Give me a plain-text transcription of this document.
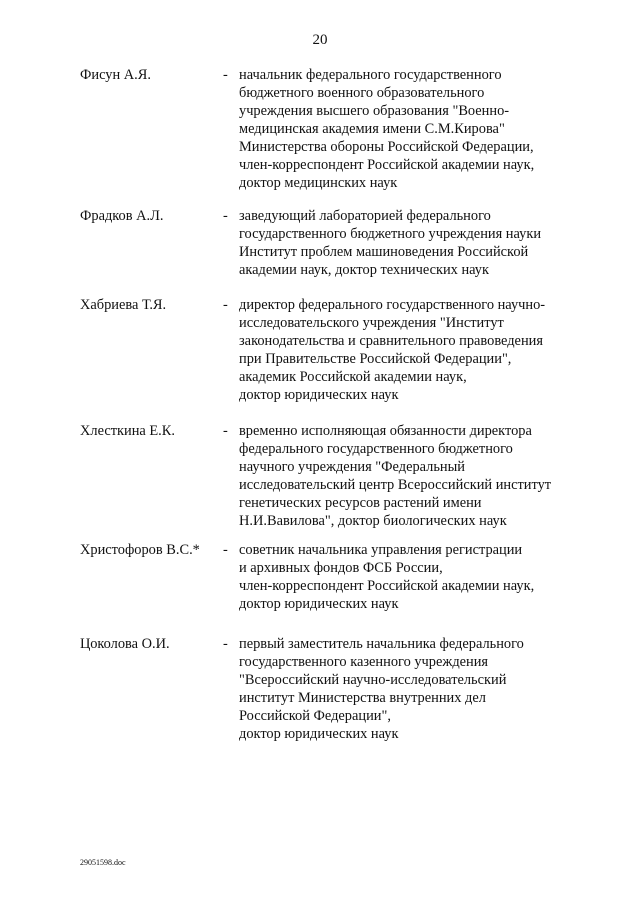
20
Фисун А.Я.	- начальник федерального государственного
бюджетного военного образовательного
учреждения высшего образования "Военно-
медицинская академия имени С.М.Кирова"
Министерства обороны Российской Федерации,
член-корреспондент Российской академии наук,
доктор медицинских наук
Фрадков А.Л.	- заведующий лабораторией федерального
государственного бюджетного учреждения науки
Институт проблем машиноведения Российской
академии наук, доктор технических наук
Хабриева Т.Я.	- директор федерального государственного научно-
исследовательского учреждения "Институт
законодательства и сравнительного правоведения
при Правительстве Российской Федерации",
академик Российской академии наук,
доктор юридических наук
Хлесткина Е.К.	- временно исполняющая обязанности директора
федерального государственного бюджетного
научного учреждения "Федеральный
исследовательский центр Всероссийский институт
генетических ресурсов растений имени
Н.И.Вавилова", доктор биологических наук
Христофоров В.С.* - советник начальника управления регистрации
и архивных фондов ФСБ России,
член-корреспондент Российской академии наук,
доктор юридических наук
Цоколова О.И.	- первый заместитель начальника федерального
государственного казенного учреждения
"Всероссийский научно-исследовательский
институт Министерства внутренних дел
Российской Федерации",
доктор юридических наук
29051598.doc
